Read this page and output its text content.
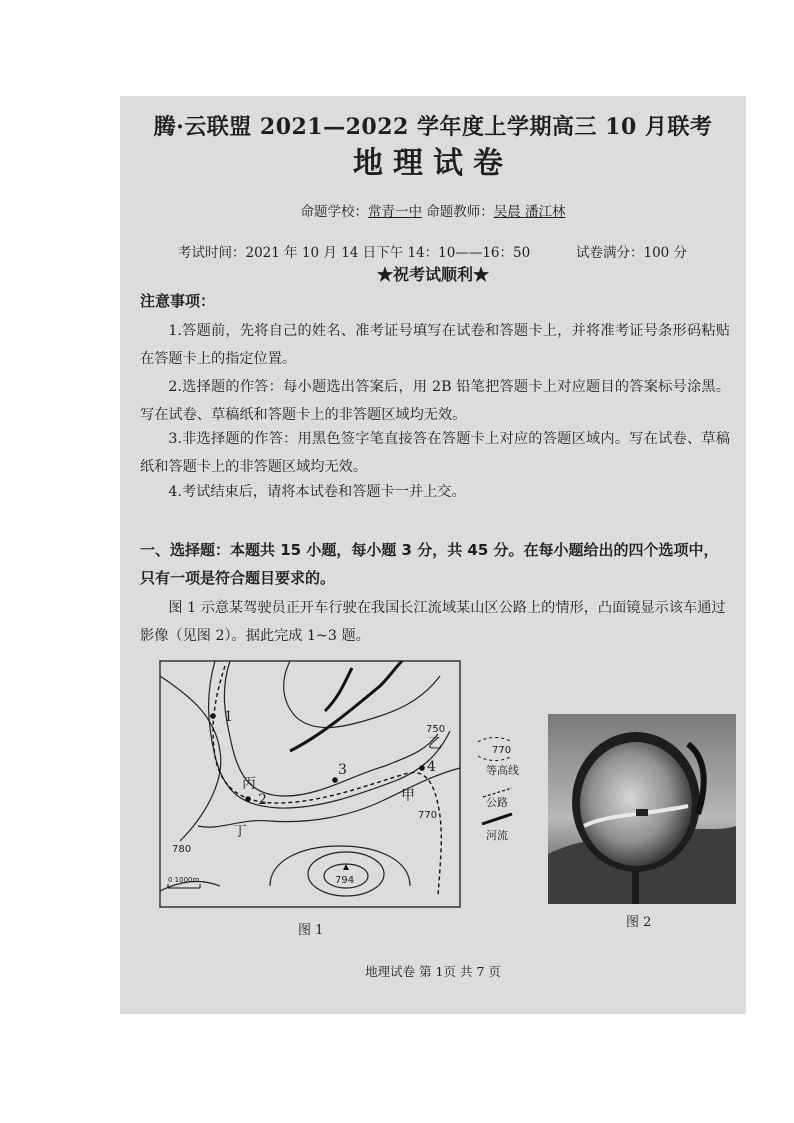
腾·云联盟 2021—2022 学年度上学期高三 10 月联考
地理试卷
命题学校：常青一中 命题教师：吴晨 潘江林
考试时间：2021 年 10 月 14 日下午 14：10——16：50	试卷满分：100 分
★祝考试顺利★
注意事项：
1.答题前，先将自己的姓名、准考证号填写在试卷和答题卡上，并将准考证号条形码粘贴在答题卡上的指定位置。
2.选择题的作答：每小题选出答案后，用 2B 铅笔把答题卡上对应题目的答案标号涂黑。写在试卷、草稿纸和答题卡上的非答题区域均无效。
3.非选择题的作答：用黑色签字笔直接答在答题卡上对应的答题区域内。写在试卷、草稿纸和答题卡上的非答题区域均无效。
4.考试结束后，请将本试卷和答题卡一并上交。
一、选择题：本题共 15 小题，每小题 3 分，共 45 分。在每小题给出的四个选项中，只有一项是符合题目要求的。
图 1 示意某驾驶员正开车行驶在我国长江流域某山区公路上的情形，凸面镜显示该车通过影像（见图 2）。据此完成 1~3 题。
1
2
3	4
甲
乙
丙
丁
750
780
770
794
0 1000m
770
等高线
公路
河流
图 1
图 2
地理试卷 第 1页 共 7 页
